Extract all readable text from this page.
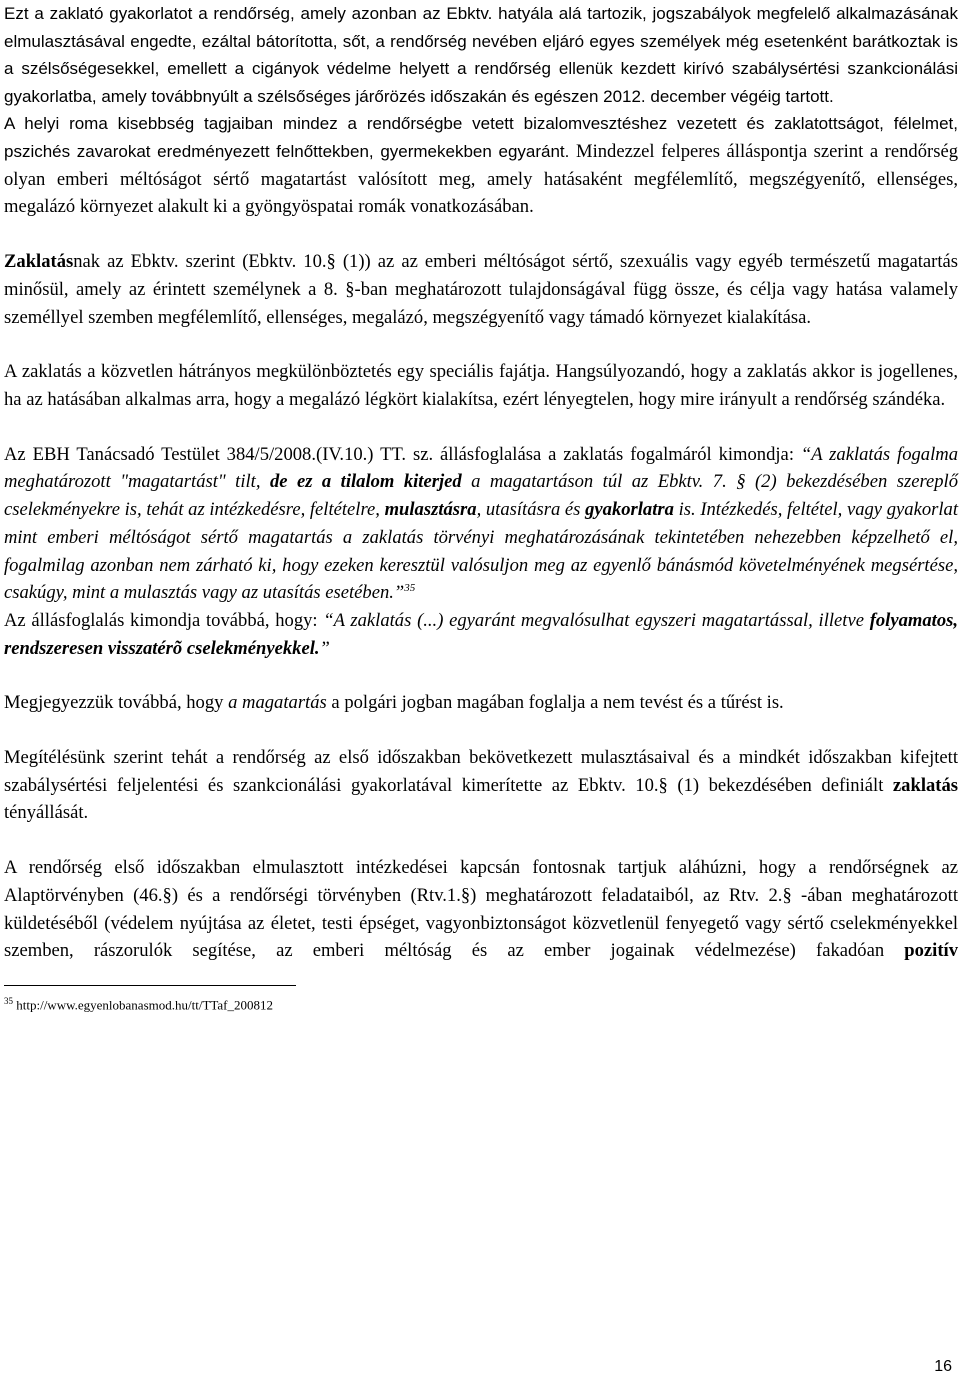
Ezt a zaklató gyakorlatot a rendőrség, amely azonban az Ebktv. hatyála alá tartozik, jogszabályok megfelelő alkalmazásának elmulasztásával engedte, ezáltal bátorította, sőt, a rendőrség nevében eljáró egyes személyek még esetenként barátkoztak is a szélsőségesekkel, emellett a cigányok védelme helyett a rendőrség ellenük kezdett kirívó szabálysértési szankcionálási gyakorlatba, amely továbbnyúlt a szélsőséges járőrözés időszakán és egészen 2012. december végéig tartott.

A helyi roma kisebbség tagjaiban mindez a rendőrségbe vetett bizalomvesztéshez vezetett és zaklatottságot, félelmet, pszichés zavarokat eredményezett felnőttekben, gyermekekben egyaránt. Mindezzel felperes álláspontja szerint a rendőrség olyan emberi méltóságot sértő magatartást valósított meg, amely hatásaként megfélemlítő, megszégyenítő, ellenséges, megalázó környezet alakult ki a gyöngyöspatai romák vonatkozásában.

Zaklatásnak az Ebktv. szerint (Ebktv. 10.§ (1)) az az emberi méltóságot sértő, szexuális vagy egyéb természetű magatartás minősül, amely az érintett személynek a 8. §-ban meghatározott tulajdonságával függ össze, és célja vagy hatása valamely személlyel szemben megfélemlítő, ellenséges, megalázó, megszégyenítő vagy támadó környezet kialakítása.

A zaklatás a közvetlen hátrányos megkülönböztetés egy speciális fajátja. Hangsúlyozandó, hogy a zaklatás akkor is jogellenes, ha az hatásában alkalmas arra, hogy a megalázó légkört kialakítsa, ezért lényegtelen, hogy mire irányult a rendőrség szándéka.

Az EBH Tanácsadó Testület 384/5/2008.(IV.10.) TT. sz. állásfoglalása a zaklatás fogalmáról kimondja: “A zaklatás fogalma meghatározott "magatartást" tilt, de ez a tilalom kiterjed a magatartáson túl az Ebktv. 7. § (2) bekezdésében szereplő cselekményekre is, tehát az intézkedésre, feltételre, mulasztásra, utasításra és gyakorlatra is. Intézkedés, feltétel, vagy gyakorlat mint emberi méltóságot sértő magatartás a zaklatás törvényi meghatározásának tekintetében nehezebben képzelhető el, fogalmilag azonban nem zárható ki, hogy ezeken keresztül valósuljon meg az egyenlő bánásmód követelményének megsértése, csakúgy, mint a mulasztás vagy az utasítás esetében.”$^{35}$

Az állásfoglalás kimondja továbbá, hogy: “A zaklatás (...) egyaránt megvalósulhat egyszeri magatartással, illetve folyamatos, rendszeresen visszatérõ cselekményekkel.”

Megjegyezzük továbbá, hogy a magatartás a polgári jogban magában foglalja a nem tevést és a tűrést is.

Megítélésünk szerint tehát a rendőrség az első időszakban bekövetkezett mulasztásaival és a mindkét időszakban kifejtett szabálysértési feljelentési és szankcionálási gyakorlatával kimerítette az Ebktv. 10.§ (1) bekezdésében definiált zaklatás tényállását.

A rendőrség első időszakban elmulasztott intézkedései kapcsán fontosnak tartjuk aláhúzni, hogy a rendőrségnek az Alaptörvényben (46.§) és a rendőrségi törvényben (Rtv.1.§) meghatározott feladataiból, az Rtv. 2.§ -ában meghatározott küldetéséből (védelem nyújtása az életet, testi épséget, vagyonbiztonságot közvetlenül fenyegető vagy sértő cselekményekkel szemben, rászorulók segítése, az emberi méltóság és az ember jogainak védelmezése) fakadóan pozitív

$^{35}$ http://www.egyenlobanasmod.hu/tt/TTaf_200812
16
